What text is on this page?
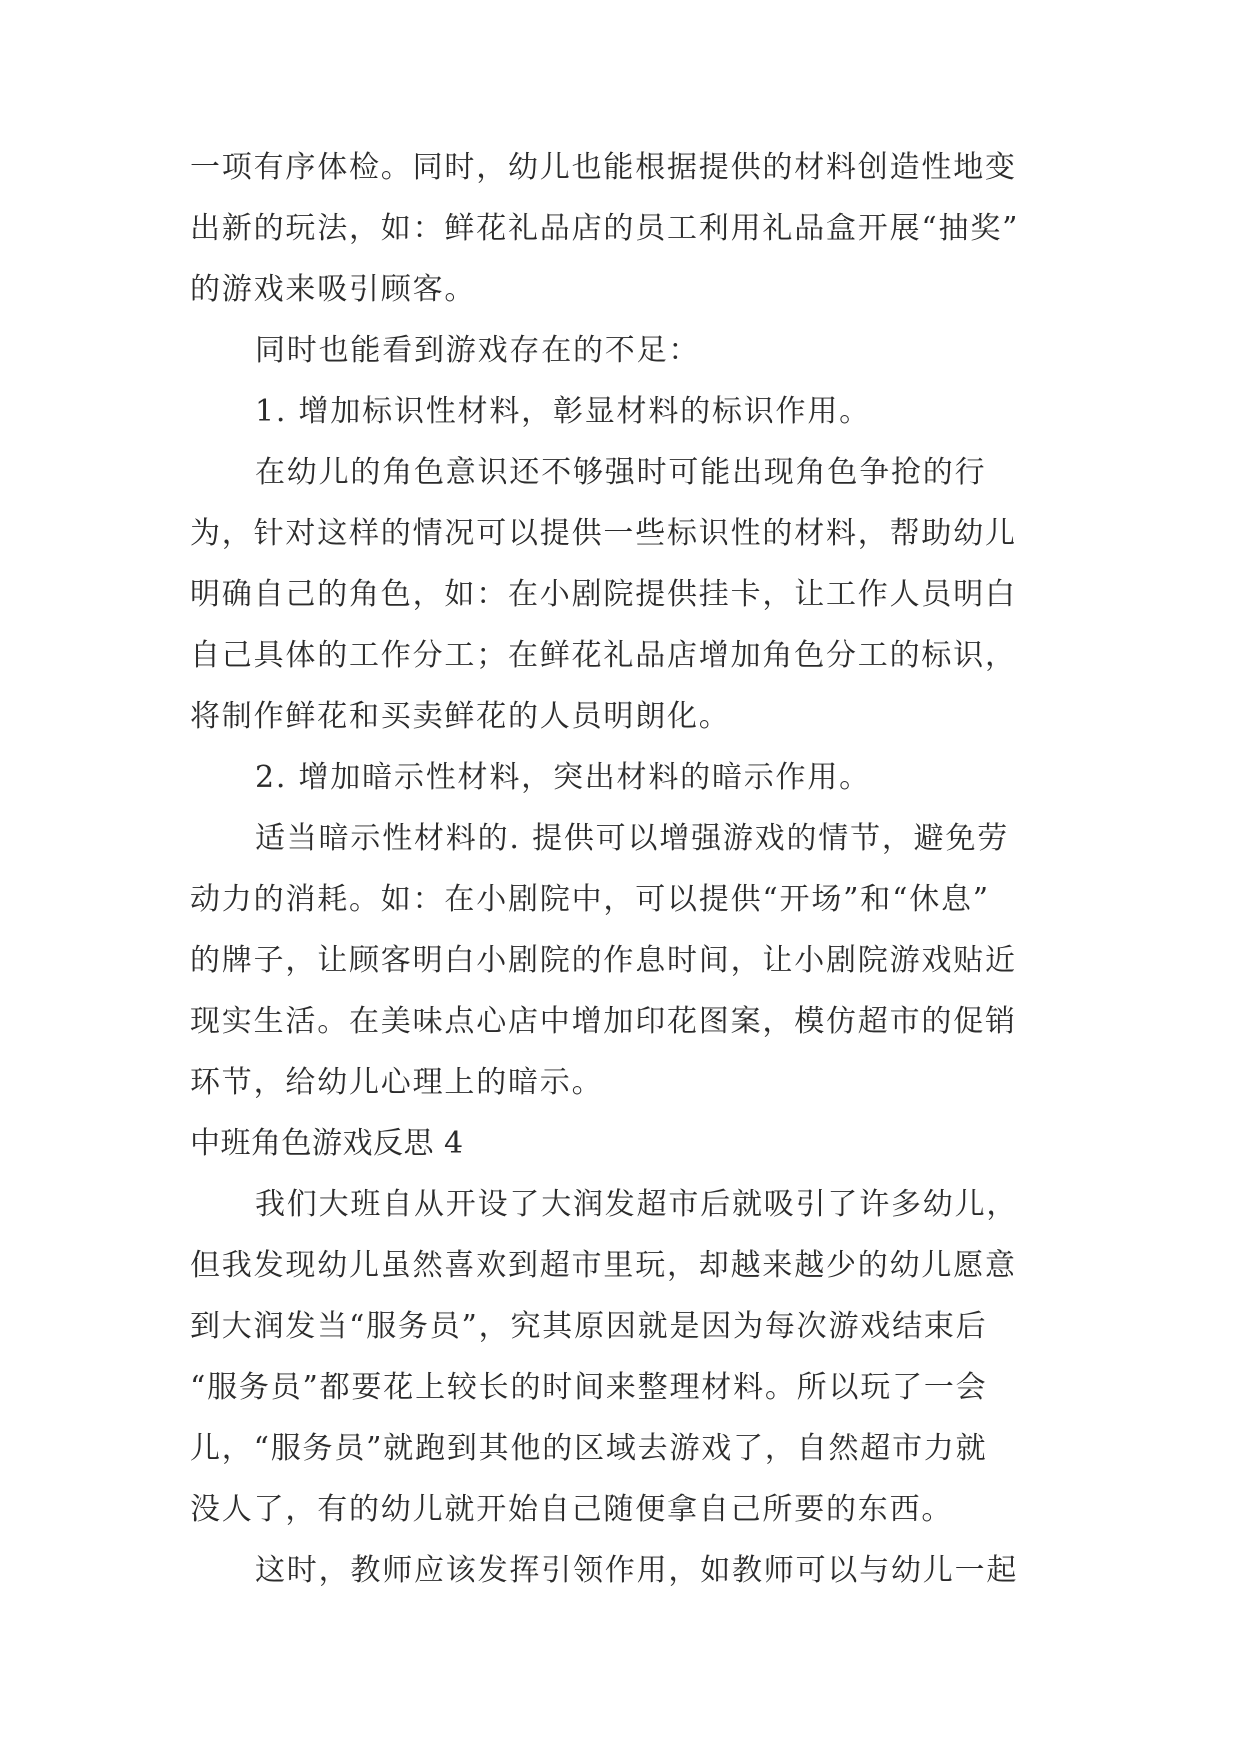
一项有序体检。同时，幼儿也能根据提供的材料创造性地变
出新的玩法，如：鲜花礼品店的员工利用礼品盒开展“抽奖”
的游戏来吸引顾客。
同时也能看到游戏存在的不足：
1. 增加标识性材料，彰显材料的标识作用。
在幼儿的角色意识还不够强时可能出现角色争抢的行
为，针对这样的情况可以提供一些标识性的材料，帮助幼儿
明确自己的角色，如：在小剧院提供挂卡，让工作人员明白
自己具体的工作分工；在鲜花礼品店增加角色分工的标识，
将制作鲜花和买卖鲜花的人员明朗化。
2. 增加暗示性材料，突出材料的暗示作用。
适当暗示性材料的. 提供可以增强游戏的情节，避免劳
动力的消耗。如：在小剧院中，可以提供“开场”和“休息”
的牌子，让顾客明白小剧院的作息时间，让小剧院游戏贴近
现实生活。在美味点心店中增加印花图案，模仿超市的促销
环节，给幼儿心理上的暗示。
中班角色游戏反思 4
我们大班自从开设了大润发超市后就吸引了许多幼儿，
但我发现幼儿虽然喜欢到超市里玩，却越来越少的幼儿愿意
到大润发当“服务员”，究其原因就是因为每次游戏结束后
“服务员”都要花上较长的时间来整理材料。所以玩了一会
儿，“服务员”就跑到其他的区域去游戏了，自然超市力就
没人了，有的幼儿就开始自己随便拿自己所要的东西。
这时，教师应该发挥引领作用，如教师可以与幼儿一起
